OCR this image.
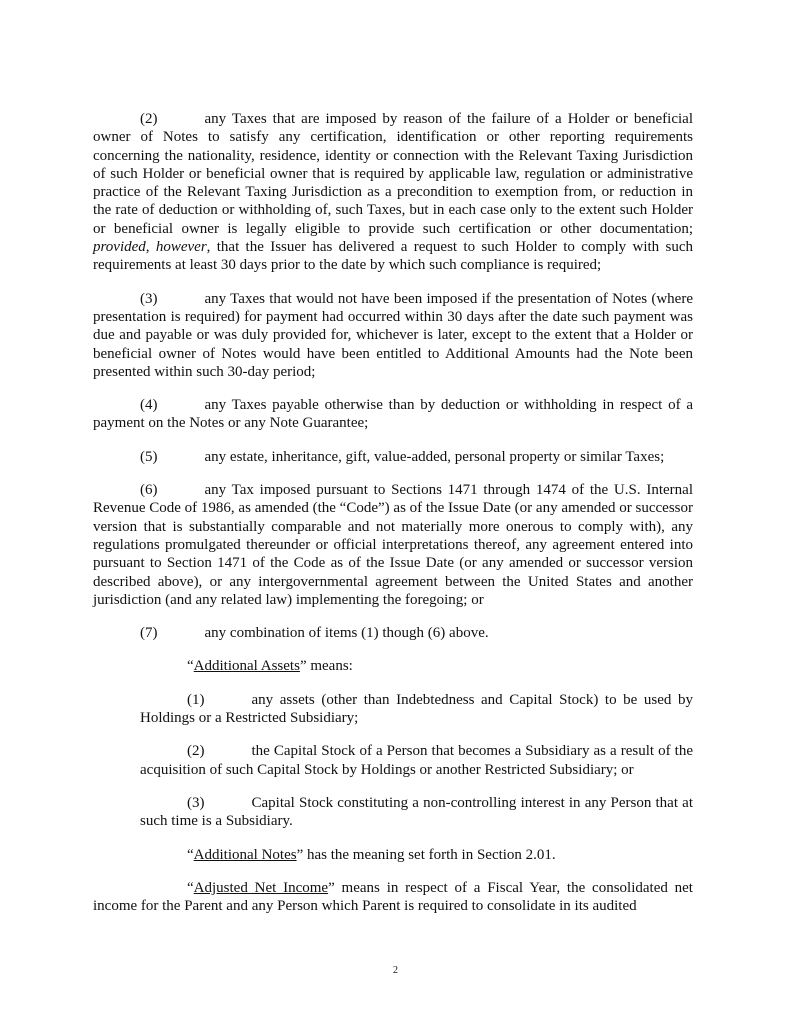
(2)	any Taxes that are imposed by reason of the failure of a Holder or beneficial owner of Notes to satisfy any certification, identification or other reporting requirements concerning the nationality, residence, identity or connection with the Relevant Taxing Jurisdiction of such Holder or beneficial owner that is required by applicable law, regulation or administrative practice of the Relevant Taxing Jurisdiction as a precondition to exemption from, or reduction in the rate of deduction or withholding of, such Taxes, but in each case only to the extent such Holder or beneficial owner is legally eligible to provide such certification or other documentation; provided, however, that the Issuer has delivered a request to such Holder to comply with such requirements at least 30 days prior to the date by which such compliance is required;

(3)	any Taxes that would not have been imposed if the presentation of Notes (where presentation is required) for payment had occurred within 30 days after the date such payment was due and payable or was duly provided for, whichever is later, except to the extent that a Holder or beneficial owner of Notes would have been entitled to Additional Amounts had the Note been presented within such 30-day period;

(4)	any Taxes payable otherwise than by deduction or withholding in respect of a payment on the Notes or any Note Guarantee;

(5)	any estate, inheritance, gift, value-added, personal property or similar Taxes;

(6)	any Tax imposed pursuant to Sections 1471 through 1474 of the U.S. Internal Revenue Code of 1986, as amended (the “Code”) as of the Issue Date (or any amended or successor version that is substantially comparable and not materially more onerous to comply with), any regulations promulgated thereunder or official interpretations thereof, any agreement entered into pursuant to Section 1471 of the Code as of the Issue Date (or any amended or successor version described above), or any intergovernmental agreement between the United States and another jurisdiction (and any related law) implementing the foregoing; or

(7)	any combination of items (1) though (6) above.

“Additional Assets” means:

(1)	any assets (other than Indebtedness and Capital Stock) to be used by Holdings or a Restricted Subsidiary;

(2)	the Capital Stock of a Person that becomes a Subsidiary as a result of the acquisition of such Capital Stock by Holdings or another Restricted Subsidiary; or

(3)	Capital Stock constituting a non-controlling interest in any Person that at such time is a Subsidiary.

“Additional Notes” has the meaning set forth in Section 2.01.

“Adjusted Net Income” means in respect of a Fiscal Year, the consolidated net income for the Parent and any Person which Parent is required to consolidate in its audited

2
